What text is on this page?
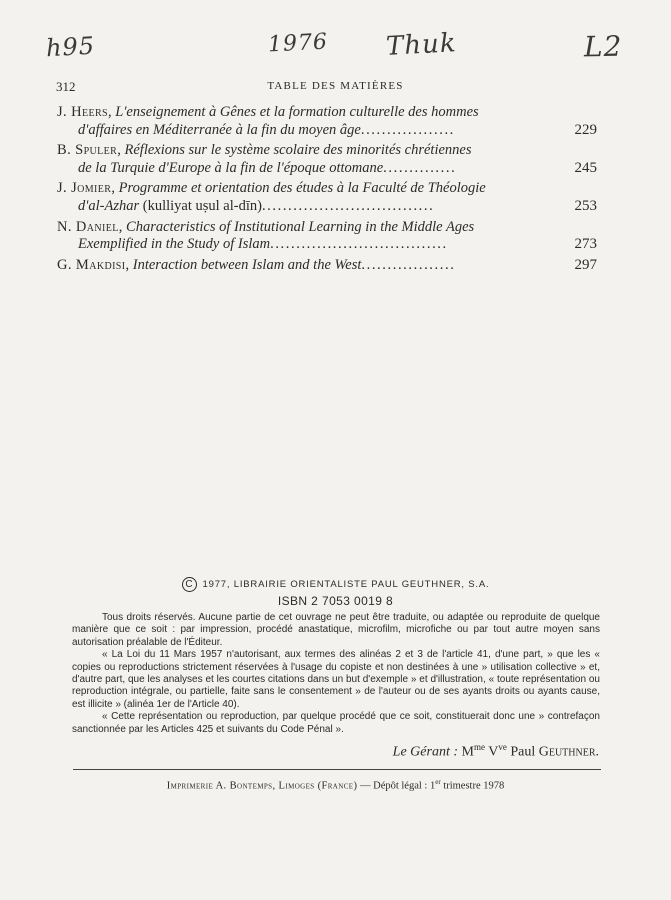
h95	1976 Thuk	L2
312	TABLE DES MATIÈRES
J. Heers, L'enseignement à Gênes et la formation culturelle des hommes
d'affaires en Méditerranée à la fin du moyen âge..................	229
B. Spuler, Réflexions sur le système scolaire des minorités chrétiennes
de la Turquie d'Europe à la fin de l'époque ottomane..............	245
J. Jomier, Programme et orientation des études à la Faculté de Théologie
d'al-Azhar (kulliyat uṣul al-dīn).................................	253
N. Daniel, Characteristics of Institutional Learning in the Middle Ages
Exemplified in the Study of Islam..................................	273
G. Makdisi, Interaction between Islam and the West..................	297
C 1977, LIBRAIRIE ORIENTALISTE PAUL GEUTHNER, S.A.
ISBN 2 7053 0019 8

Tous droits réservés. Aucune partie de cet ouvrage ne peut être traduite, ou adaptée ou reproduite de quelque manière que ce soit : par impression, procédé anastatique, microfilm, microfiche ou par tout autre moyen sans autorisation préalable de l'Éditeur.

« La Loi du 11 Mars 1957 n'autorisant, aux termes des alinéas 2 et 3 de l'article 41, d'une part, » que les « copies ou reproductions strictement réservées à l'usage du copiste et non destinées à une » utilisation collective » et, d'autre part, que les analyses et les courtes citations dans un but d'exemple » et d'illustration, « toute représentation ou reproduction intégrale, ou partielle, faite sans le consentement » de l'auteur ou de ses ayants droits ou ayants cause, est illicite » (alinéa 1er de l'Article 40).

« Cette représentation ou reproduction, par quelque procédé que ce soit, constituerait donc une » contrefaçon sanctionnée par les Articles 425 et suivants du Code Pénal ».

Le Gérant : $M^{me}$ $V^{ve}$ Paul Geuthner.
Imprimerie A. Bontemps, Limoges (France) — Dépôt légal : 1er trimestre 1978
